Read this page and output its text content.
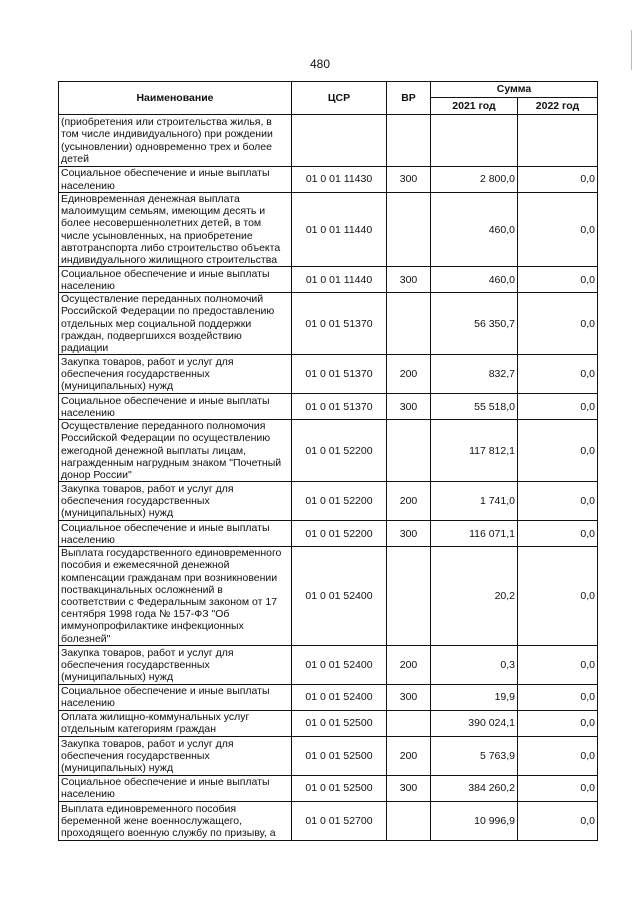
480
Наименование	ЦСР	ВР	Сумма	
			2021 год	2022 год
(приобретения или строительства жилья, в том числе индивидуального) при рождении (усыновлении) одновременно трех и более детей				
Социальное обеспечение и иные выплаты населению	01 0 01 11430	300	2 800,0	0,0
Единовременная денежная выплата малоимущим семьям, имеющим десять и более несовершеннолетних детей, в том числе усыновленных, на приобретение автотранспорта либо строительство объекта индивидуального жилищного строительства	01 0 01 11440		460,0	0,0
Социальное обеспечение и иные выплаты населению	01 0 01 11440	300	460,0	0,0
Осуществление переданных полномочий Российской Федерации по предоставлению отдельных мер социальной поддержки граждан, подвергшихся воздействию радиации	01 0 01 51370		56 350,7	0,0
Закупка товаров, работ и услуг для обеспечения государственных (муниципальных) нужд	01 0 01 51370	200	832,7	0,0
Социальное обеспечение и иные выплаты населению	01 0 01 51370	300	55 518,0	0,0
Осуществление переданного полномочия Российской Федерации по осуществлению ежегодной денежной выплаты лицам, награжденным нагрудным знаком "Почетный донор России"	01 0 01 52200		117 812,1	0,0
Закупка товаров, работ и услуг для обеспечения государственных (муниципальных) нужд	01 0 01 52200	200	1 741,0	0,0
Социальное обеспечение и иные выплаты населению	01 0 01 52200	300	116 071,1	0,0
Выплата государственного единовременного пособия и ежемесячной денежной компенсации гражданам при возникновении поствакцинальных осложнений в соответствии с Федеральным законом от 17 сентября 1998 года № 157-ФЗ "Об иммунопрофилактике инфекционных болезней"	01 0 01 52400		20,2	0,0
Закупка товаров, работ и услуг для обеспечения государственных (муниципальных) нужд	01 0 01 52400	200	0,3	0,0
Социальное обеспечение и иные выплаты населению	01 0 01 52400	300	19,9	0,0
Оплата жилищно-коммунальных услуг отдельным категориям граждан	01 0 01 52500		390 024,1	0,0
Закупка товаров, работ и услуг для обеспечения государственных (муниципальных) нужд	01 0 01 52500	200	5 763,9	0,0
Социальное обеспечение и иные выплаты населению	01 0 01 52500	300	384 260,2	0,0
Выплата единовременного пособия беременной жене военнослужащего, проходящего военную службу по призыву, а	01 0 01 52700		10 996,9	0,0
